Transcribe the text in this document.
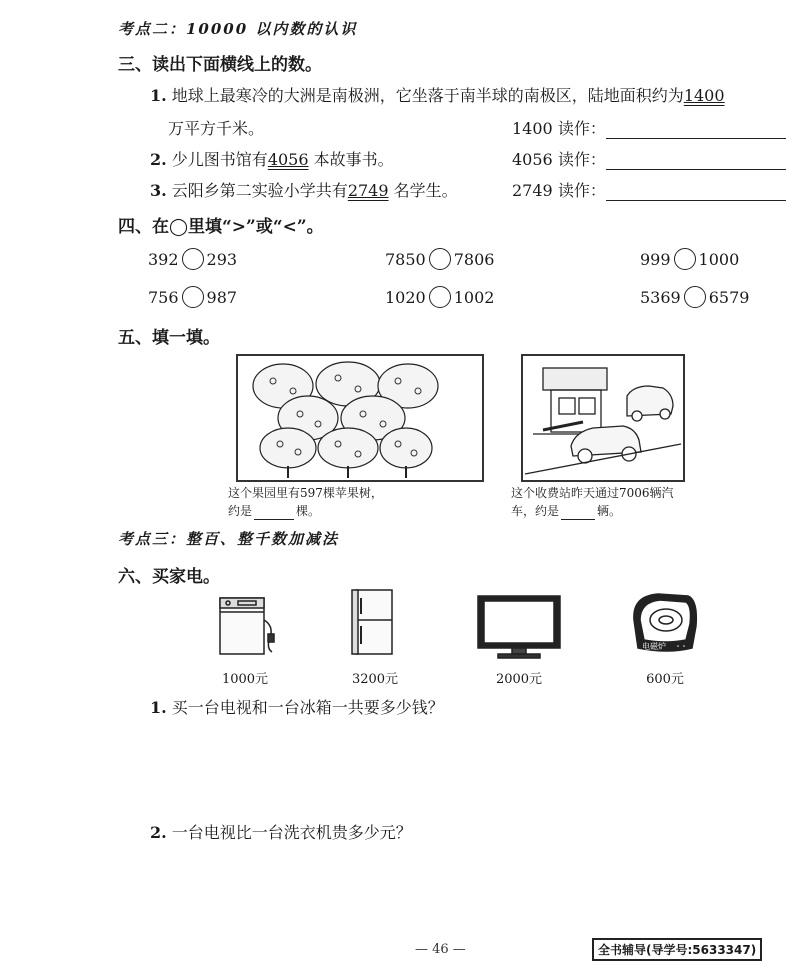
考点二：10000 以内数的认识
三、读出下面横线上的数。
1. 地球上最寒冷的大洲是南极洲，它坐落于南半球的南极区，陆地面积约为1400
万平方千米。	1400 读作：
2. 少儿图书馆有4056 本故事书。	4056 读作：
3. 云阳乡第二实验小学共有2749 名学生。	2749 读作：
四、在◯里填“>”或“<”。
392 293	7850 7806	999 1000
756 987	1020 1002	5369 6579
五、填一填。
这个果园里有597棵苹果树，
约是	棵。
这个收费站昨天通过7006辆汽
车，约是	辆。
考点三：整百、整千数加减法
六、买家电。
电磁炉
1000元	3200元	2000元	600元
1. 买一台电视和一台冰箱一共要多少钱？
2. 一台电视比一台洗衣机贵多少元？
— 46 —	全书辅导(导学号:5633347)
